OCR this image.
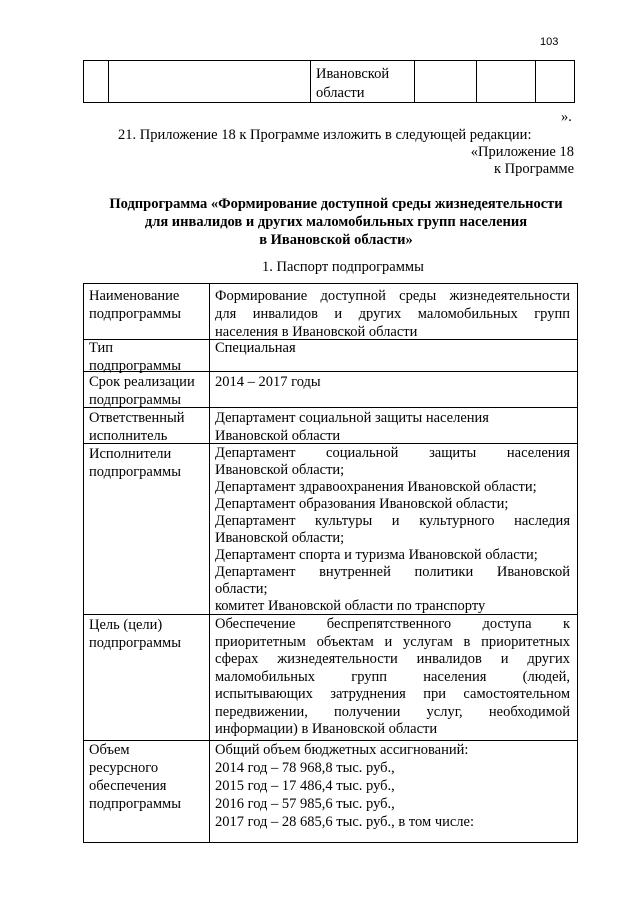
103
Ивановской
области
».
21. Приложение 18 к Программе изложить в следующей редакции:
«Приложение 18
к Программе
Подпрограмма «Формирование доступной среды жизнедеятельности
для инвалидов и других маломобильных групп населения
в Ивановской области»
1. Паспорт подпрограммы
Наименование
подпрограммы
Формирование доступной среды жизнедеятельности
для инвалидов и других маломобильных групп
населения в Ивановской области
Тип
подпрограммы
Специальная
Срок реализации
подпрограммы
2014 – 2017 годы
Ответственный
исполнитель
Департамент социальной защиты населения
Ивановской области
Исполнители
подпрограммы
Департамент социальной защиты населения
Ивановской области;
Департамент здравоохранения Ивановской области;
Департамент образования Ивановской области;
Департамент культуры и культурного наследия
Ивановской области;
Департамент спорта и туризма Ивановской области;
Департамент внутренней политики Ивановской
области;
комитет Ивановской области по транспорту
Цель (цели)
подпрограммы
Обеспечение беспрепятственного доступа к
приоритетным объектам и услугам в приоритетных
сферах жизнедеятельности инвалидов и других
маломобильных групп населения (людей,
испытывающих затруднения при самостоятельном
передвижении, получении услуг, необходимой
информации) в Ивановской области
Объем
ресурсного
обеспечения
подпрограммы
Общий объем бюджетных ассигнований:
2014 год – 78 968,8 тыс. руб.,
2015 год – 17 486,4 тыс. руб.,
2016 год – 57 985,6 тыс. руб.,
2017 год – 28 685,6 тыс. руб., в том числе:
